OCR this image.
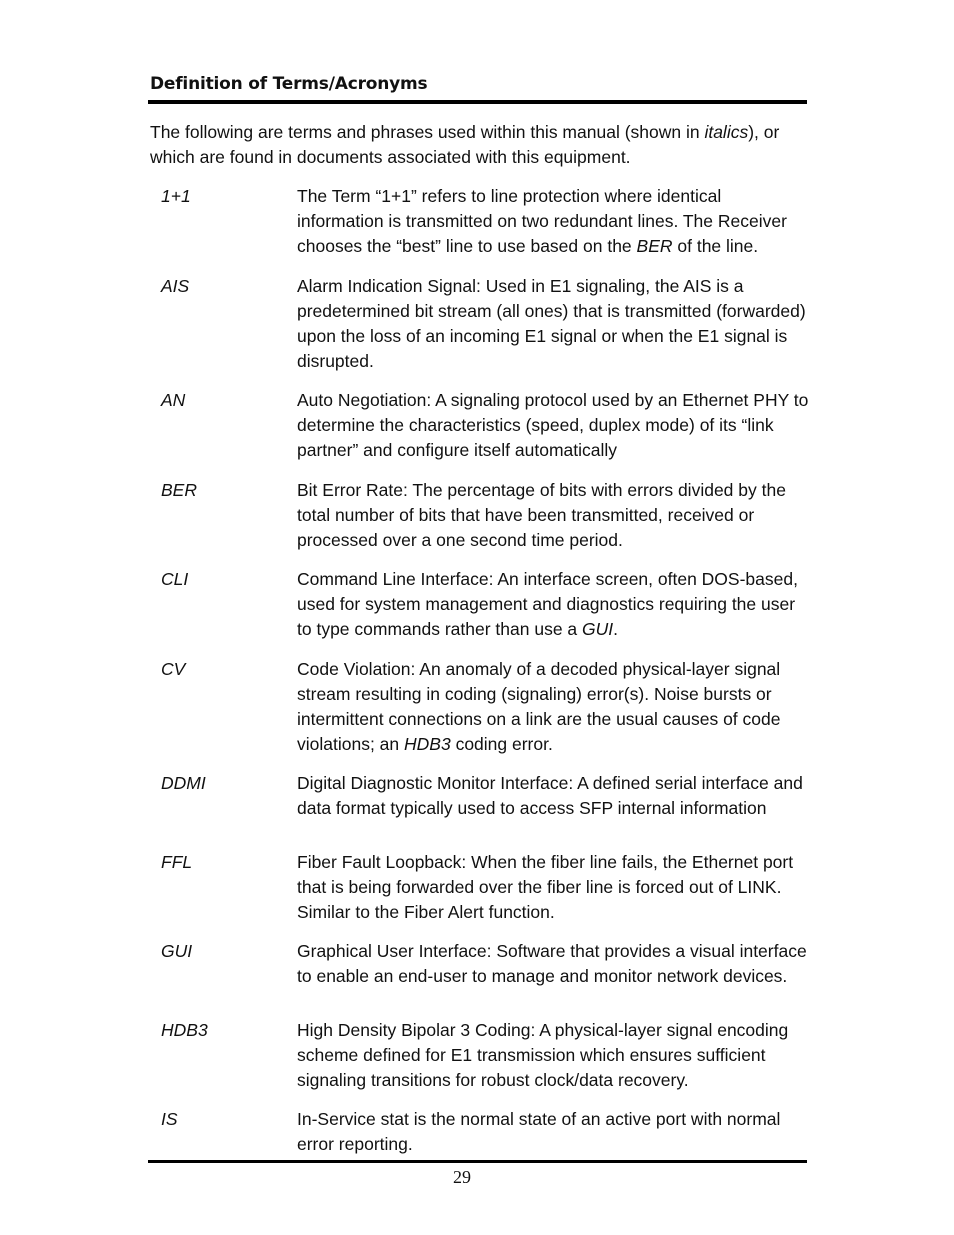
Definition of Terms/Acronyms

The following are terms and phrases used within this manual (shown in italics), or which are found in documents associated with this equipment.

1+1	The Term “1+1” refers to line protection where identical information is transmitted on two redundant lines. The Receiver chooses the “best” line to use based on the BER of the line.
AIS	Alarm Indication Signal: Used in E1 signaling, the AIS is a predetermined bit stream (all ones) that is transmitted (forwarded) upon the loss of an incoming E1 signal or when the E1 signal is disrupted.
AN	Auto Negotiation: A signaling protocol used by an Ethernet PHY to determine the characteristics (speed, duplex mode) of its “link partner” and configure itself automatically
BER	Bit Error Rate: The percentage of bits with errors divided by the total number of bits that have been transmitted, received or processed over a one second time period.
CLI	Command Line Interface: An interface screen, often DOS-based, used for system management and diagnostics requiring the user to type commands rather than use a GUI.
CV	Code Violation: An anomaly of a decoded physical-layer signal stream resulting in coding (signaling) error(s). Noise bursts or intermittent connections on a link are the usual causes of code violations; an HDB3 coding error.
DDMI	Digital Diagnostic Monitor Interface: A defined serial interface and data format typically used to access SFP internal information
FFL	Fiber Fault Loopback: When the fiber line fails, the Ethernet port that is being forwarded over the fiber line is forced out of LINK. Similar to the Fiber Alert function.
GUI	Graphical User Interface: Software that provides a visual interface to enable an end-user to manage and monitor network devices.
HDB3	High Density Bipolar 3 Coding: A physical-layer signal encoding scheme defined for E1 transmission which ensures sufficient signaling transitions for robust clock/data recovery.
IS	In-Service stat is the normal state of an active port with normal error reporting.
29
